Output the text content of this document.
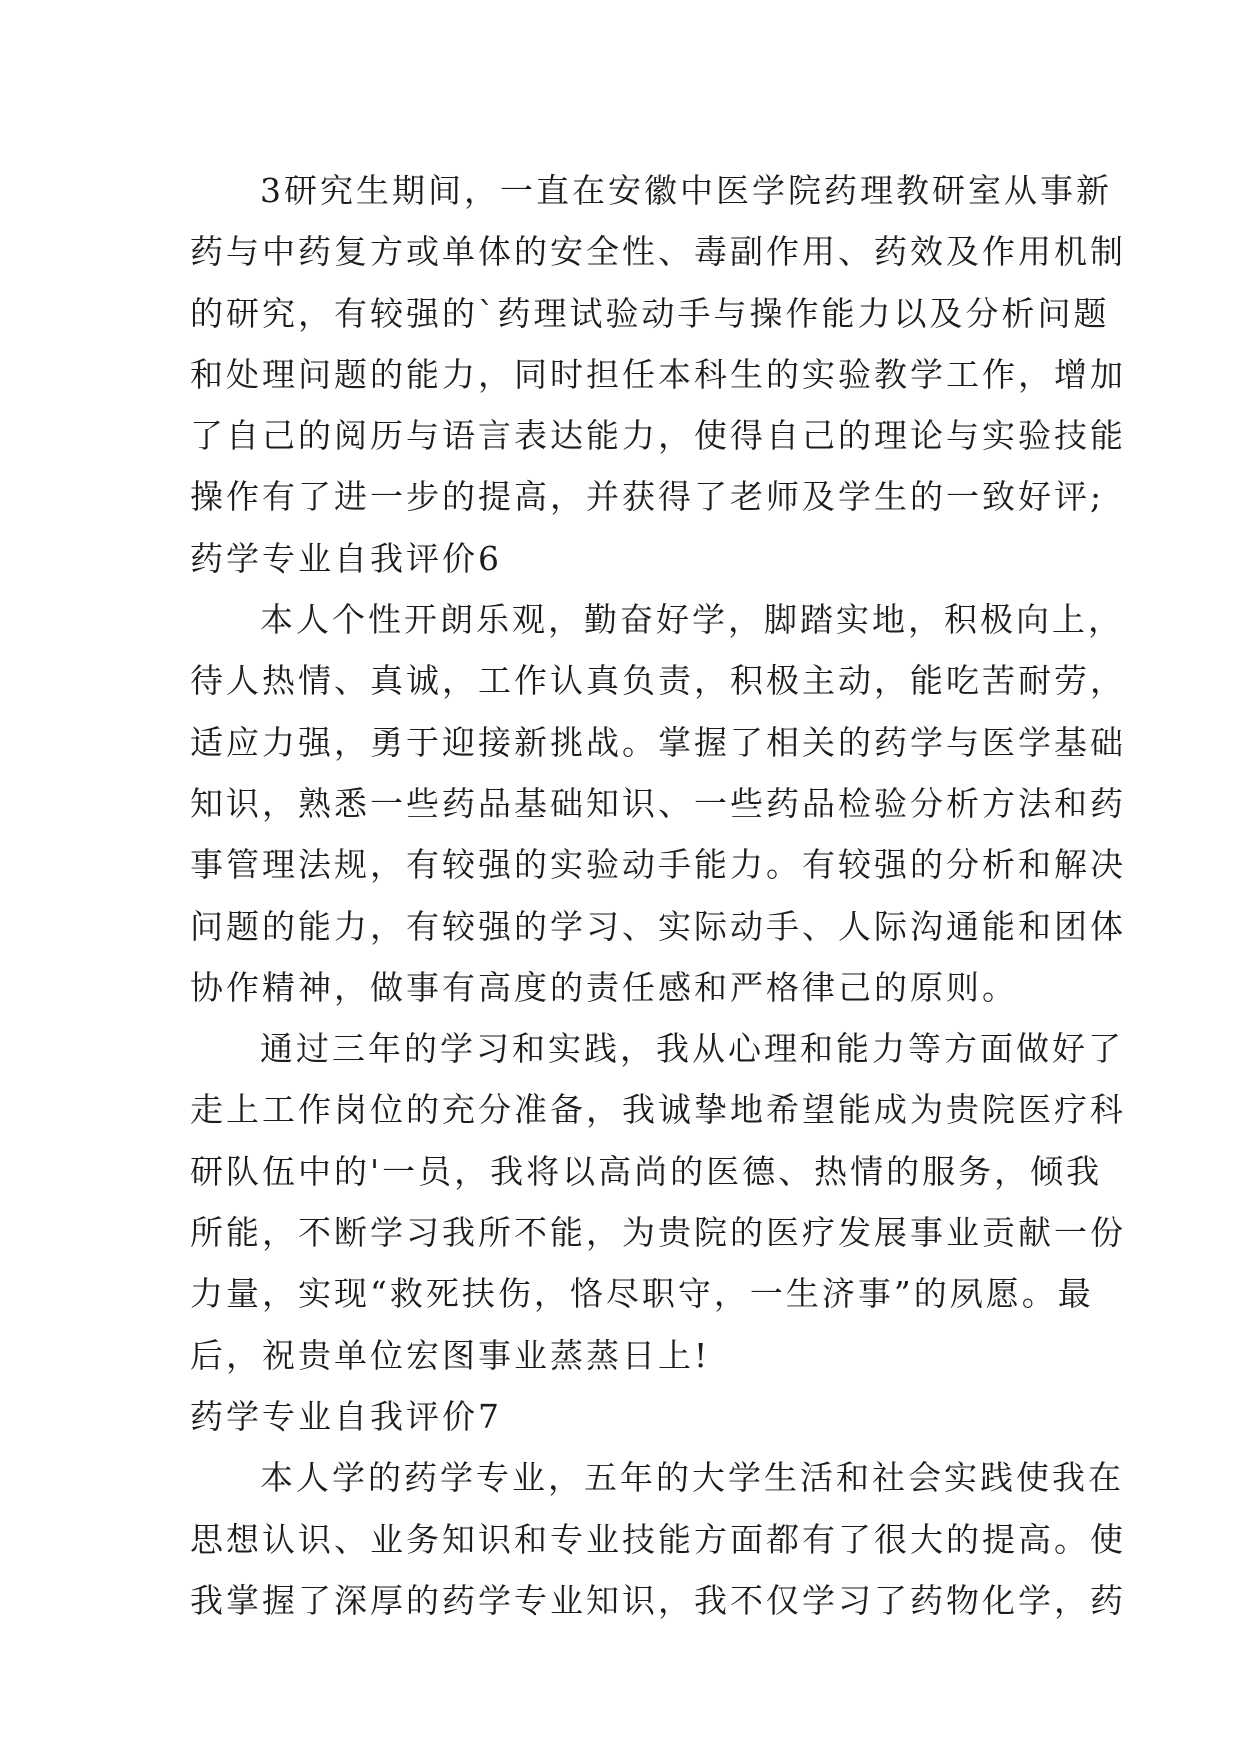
3研究生期间，一直在安徽中医学院药理教研室从事新
药与中药复方或单体的安全性、毒副作用、药效及作用机制
的研究，有较强的`药理试验动手与操作能力以及分析问题
和处理问题的能力，同时担任本科生的实验教学工作，增加
了自己的阅历与语言表达能力，使得自己的理论与实验技能
操作有了进一步的提高，并获得了老师及学生的一致好评;
药学专业自我评价6
本人个性开朗乐观，勤奋好学，脚踏实地，积极向上，
待人热情、真诚，工作认真负责，积极主动，能吃苦耐劳，
适应力强，勇于迎接新挑战。掌握了相关的药学与医学基础
知识，熟悉一些药品基础知识、一些药品检验分析方法和药
事管理法规，有较强的实验动手能力。有较强的分析和解决
问题的能力，有较强的学习、实际动手、人际沟通能和团体
协作精神，做事有高度的责任感和严格律己的原则。
通过三年的学习和实践，我从心理和能力等方面做好了
走上工作岗位的充分准备，我诚挚地希望能成为贵院医疗科
研队伍中的'一员，我将以高尚的医德、热情的服务，倾我
所能，不断学习我所不能，为贵院的医疗发展事业贡献一份
力量，实现“救死扶伤，恪尽职守，一生济事”的夙愿。最
后，祝贵单位宏图事业蒸蒸日上!
药学专业自我评价7
本人学的药学专业，五年的大学生活和社会实践使我在
思想认识、业务知识和专业技能方面都有了很大的提高。使
我掌握了深厚的药学专业知识，我不仅学习了药物化学，药
